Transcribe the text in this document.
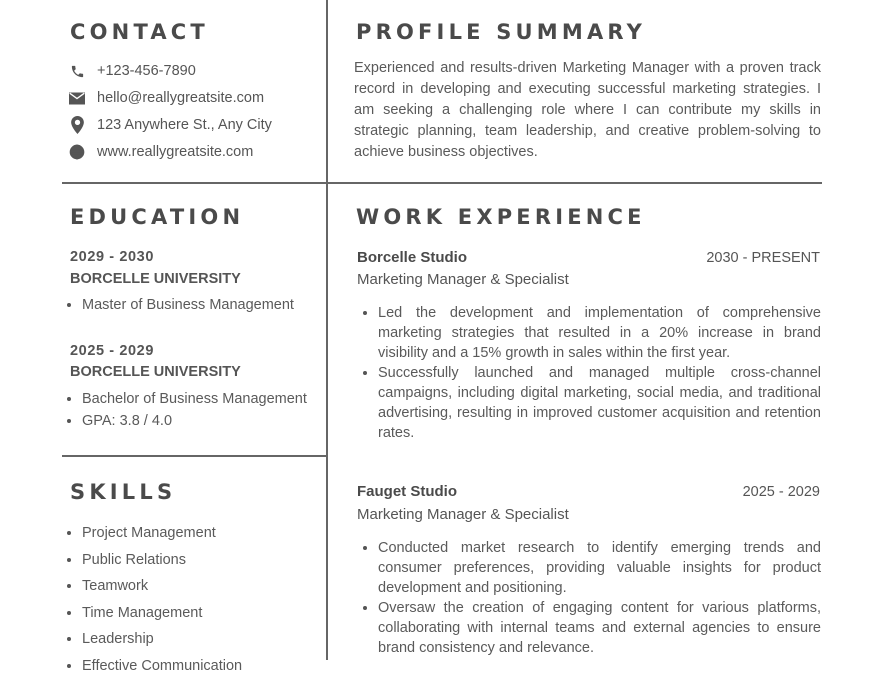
CONTACT
+123-456-7890
hello@reallygreatsite.com
123 Anywhere St., Any City
www.reallygreatsite.com
PROFILE SUMMARY
Experienced and results-driven Marketing Manager with a proven track record in developing and executing successful marketing strategies. I am seeking a challenging role where I can contribute my skills in strategic planning, team leadership, and creative problem-solving to achieve business objectives.
EDUCATION
2029 - 2030
BORCELLE UNIVERSITY
Master of Business Management
2025 - 2029
BORCELLE UNIVERSITY
Bachelor of Business Management
GPA: 3.8 / 4.0
SKILLS
Project Management
Public Relations
Teamwork
Time Management
Leadership
Effective Communication
WORK EXPERIENCE
Borcelle Studio	2030 - PRESENT
Marketing Manager & Specialist
Led the development and implementation of comprehensive marketing strategies that resulted in a 20% increase in brand visibility and a 15% growth in sales within the first year.
Successfully launched and managed multiple cross-channel campaigns, including digital marketing, social media, and traditional advertising, resulting in improved customer acquisition and retention rates.
Fauget Studio	2025 - 2029
Marketing Manager & Specialist
Conducted market research to identify emerging trends and consumer preferences, providing valuable insights for product development and positioning.
Oversaw the creation of engaging content for various platforms, collaborating with internal teams and external agencies to ensure brand consistency and relevance.
